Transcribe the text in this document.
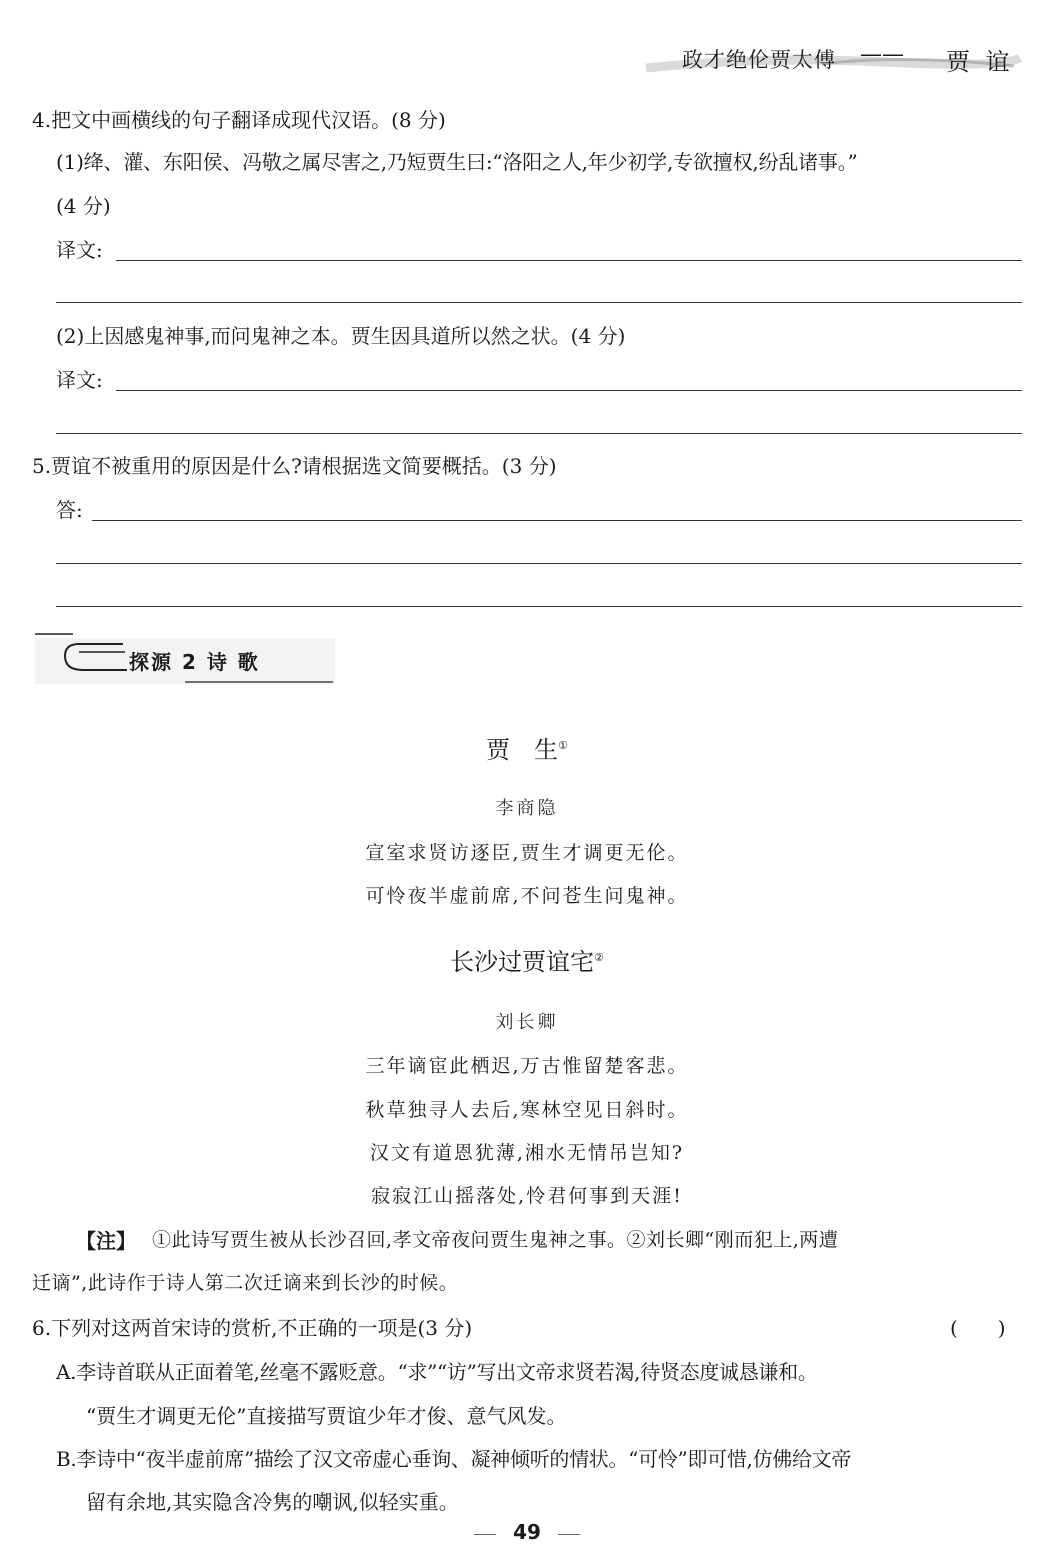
政才绝伦贾太傅 —— 贾 谊
4.把文中画横线的句子翻译成现代汉语。(8 分)
(1)绛、灌、东阳侯、冯敬之属尽害之,乃短贾生曰:“洛阳之人,年少初学,专欲擅权,纷乱诸事。”
(4 分)
译文:
(2)上因感鬼神事,而问鬼神之本。贾生因具道所以然之状。(4 分)
译文:
5.贾谊不被重用的原因是什么?请根据选文简要概括。(3 分)
答:
探源 2 诗 歌
贾　生①
李商隐
宣室求贤访逐臣,贾生才调更无伦。
可怜夜半虚前席,不问苍生问鬼神。
长沙过贾谊宅②
刘长卿
三年谪宦此栖迟,万古惟留楚客悲。
秋草独寻人去后,寒林空见日斜时。
汉文有道恩犹薄,湘水无情吊岂知?
寂寂江山摇落处,怜君何事到天涯!
【注】 ①此诗写贾生被从长沙召回,孝文帝夜问贾生鬼神之事。②刘长卿“刚而犯上,两遭
迁谪”,此诗作于诗人第二次迁谪来到长沙的时候。
6.下列对这两首宋诗的赏析,不正确的一项是(3 分)	(　　)
A.李诗首联从正面着笔,丝毫不露贬意。“求”“访”写出文帝求贤若渴,待贤态度诚恳谦和。
“贾生才调更无伦”直接描写贾谊少年才俊、意气风发。
B.李诗中“夜半虚前席”描绘了汉文帝虚心垂询、凝神倾听的情状。“可怜”即可惜,仿佛给文帝
留有余地,其实隐含冷隽的嘲讽,似轻实重。
49
